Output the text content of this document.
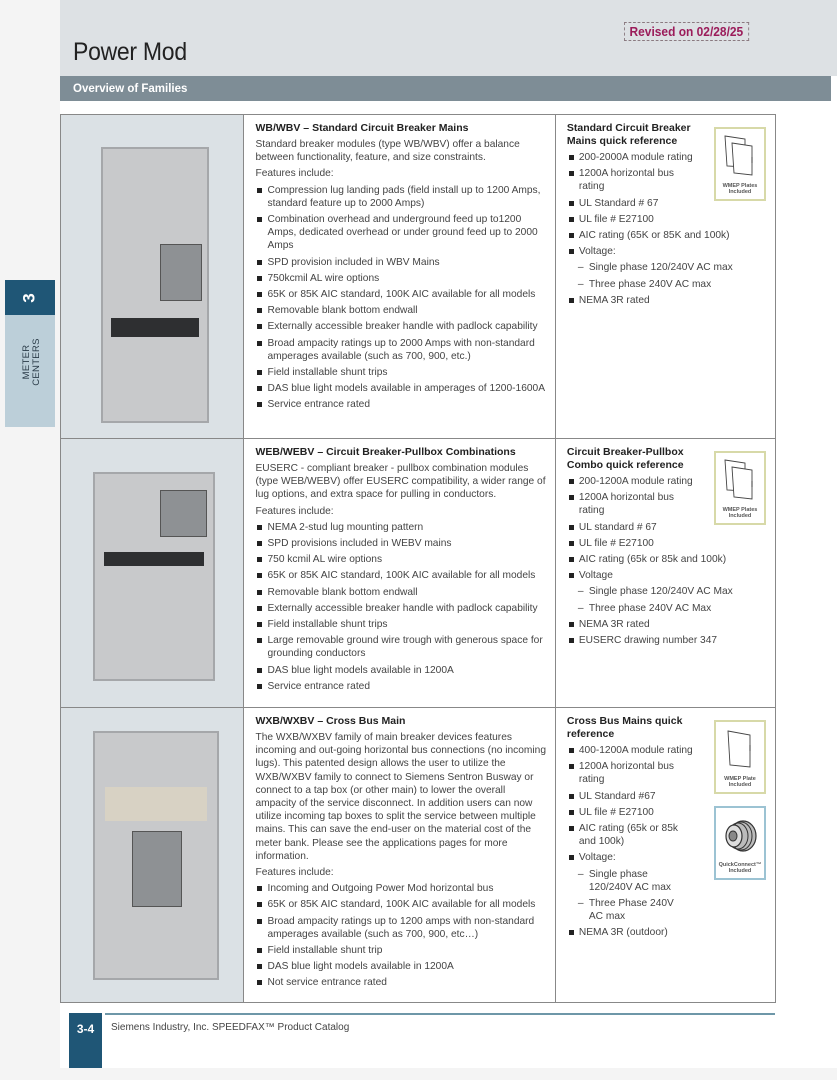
Power Mod
Revised on 02/28/25
Overview of Families
WB/WBV – Standard Circuit Breaker Mains

Standard breaker modules (type WB/WBV) offer a balance between functionality, feature, and size constraints.

Features include:

Compression lug landing pads (field install up to 1200 Amps, standard feature up to 2000 Amps)
Combination overhead and underground feed up to1200 Amps, dedicated overhead or under ground feed up to 2000 Amps
SPD provision included in WBV Mains
750kcmil AL wire options
65K or 85K AIC standard, 100K AIC available for all models
Removable blank bottom endwall
Externally accessible breaker handle with padlock capability
Broad ampacity ratings up to 2000 Amps with non-standard amperages available (such as 700, 900, etc.)
Field installable shunt trips
DAS blue light models available in amperages of 1200-1600A
Service entrance rated
Standard Circuit Breaker Mains quick reference
200-2000A module rating
1200A horizontal bus rating
UL Standard # 67
UL file # E27100
AIC rating (65K or 85K and 100k)
Voltage:
– Single phase 120/240V AC max
– Three phase 240V AC max
NEMA 3R rated
WMEP Plates Included
WEB/WEBV – Circuit Breaker-Pullbox Combinations

EUSERC - compliant breaker - pullbox combination modules (type WEB/WEBV) offer EUSERC compatibility, a wider range of lug options, and extra space for pulling in conductors.

Features include:

NEMA 2-stud lug mounting pattern
SPD provisions included in WEBV mains
750 kcmil AL wire options
65K or 85K AIC standard, 100K AIC available for all models
Removable blank bottom endwall
Externally accessible breaker handle with padlock capability
Field installable shunt trips
Large removable ground wire trough with generous space for grounding conductors
DAS blue light models available in 1200A
Service entrance rated
Circuit Breaker-Pullbox Combo quick reference
200-1200A module rating
1200A horizontal bus rating
UL standard # 67
UL file # E27100
AIC rating (65k or 85k and 100k)
Voltage
– Single phase 120/240V AC Max
– Three phase 240V AC Max
NEMA 3R rated
EUSERC drawing number 347
WMEP Plates Included
WXB/WXBV – Cross Bus Main

The WXB/WXBV family of main breaker devices features incoming and out-going horizontal bus connections (no incoming lugs). This patented design allows the user to utilize the WXB/WXBV family to connect to Siemens Sentron Busway or connect to a tap box (or other main) to lower the overall ampacity of the service disconnect. In addition users can now utilize incoming tap boxes to split the service between multiple mains. This can save the end-user on the material cost of the meter bank. Please see the applications pages for more information.

Features include:

Incoming and Outgoing Power Mod horizontal bus
65K or 85K AIC standard, 100K AIC available for all models
Broad ampacity ratings up to 1200 amps with non-standard amperages available (such as 700, 900, etc…)
Field installable shunt trip
DAS blue light models available in 1200A
Not service entrance rated
Cross Bus Mains quick reference
400-1200A module rating
1200A horizontal bus rating
UL Standard #67
UL file # E27100
AIC rating (65k or 85k and 100k)
Voltage:
– Single phase 120/240V AC max
– Three Phase 240V AC max
NEMA 3R (outdoor)
WMEP Plate Included
QuickConnect™ Included
3-4	Siemens Industry, Inc. SPEEDFAX™ Product Catalog
3
METER
CENTERS
